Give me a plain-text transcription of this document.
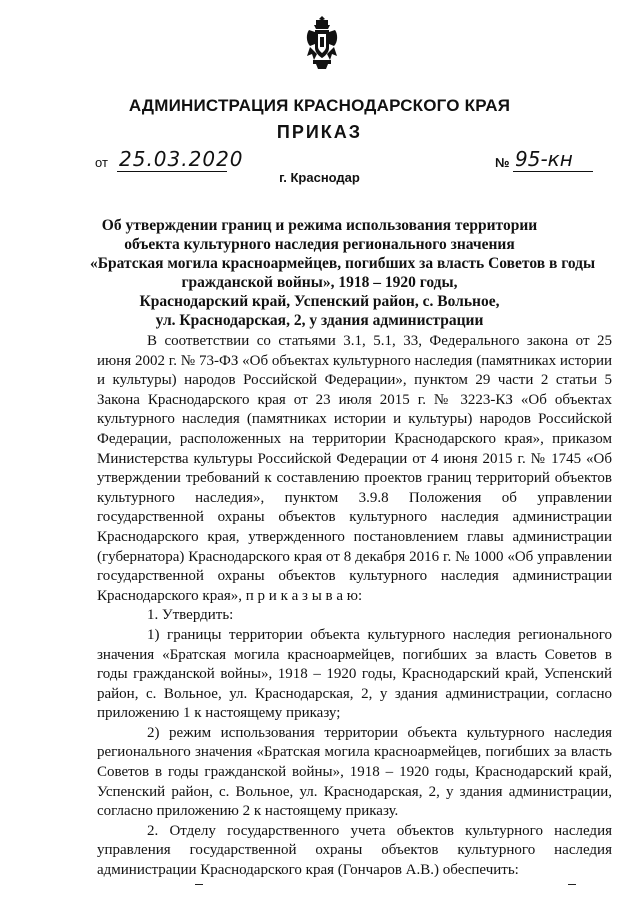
АДМИНИСТРАЦИЯ КРАСНОДАРСКОГО КРАЯ
ПРИКАЗ
от 25.03.2020	№ 95-кн
г. Краснодар
Об утверждении границ и режима использования территории
объекта культурного наследия регионального значения
«Братская могила красноармейцев, погибших за власть Советов в годы
гражданской войны», 1918 – 1920 годы,
Краснодарский край, Успенский район, с. Вольное,
ул. Краснодарская, 2, у здания администрации

В соответствии со статьями 3.1, 5.1, 33, Федерального закона от 25 июня 2002 г. № 73-ФЗ «Об объектах культурного наследия (памятниках истории и культуры) народов Российской Федерации», пунктом 29 части 2 статьи 5 Закона Краснодарского края от 23 июля 2015 г. № 3223-КЗ «Об объектах культурного наследия (памятниках истории и культуры) народов Российской Федерации, расположенных на территории Краснодарского края», приказом Министерства культуры Российской Федерации от 4 июня 2015 г. № 1745 «Об утверждении требований к составлению проектов границ территорий объектов культурного наследия», пунктом 3.9.8 Положения об управлении государственной охраны объектов культурного наследия администрации Краснодарского края, утвержденного постановлением главы администрации (губернатора) Краснодарского края от 8 декабря 2016 г. № 1000 «Об управлении государственной охраны объектов культурного наследия администрации Краснодарского края», п р и к а з ы в а ю:

1. Утвердить:

1) границы территории объекта культурного наследия регионального значения «Братская могила красноармейцев, погибших за власть Советов в годы гражданской войны», 1918 – 1920 годы, Краснодарский край, Успенский район, с. Вольное, ул. Краснодарская, 2, у здания администрации, согласно приложению 1 к настоящему приказу;

2) режим использования территории объекта культурного наследия регионального значения «Братская могила красноармейцев, погибших за власть Советов в годы гражданской войны», 1918 – 1920 годы, Краснодарский край, Успенский район, с. Вольное, ул. Краснодарская, 2, у здания администрации, согласно приложению 2 к настоящему приказу.

2. Отделу государственного учета объектов культурного наследия управления государственной охраны объектов культурного наследия администрации Краснодарского края (Гончаров А.В.) обеспечить:
